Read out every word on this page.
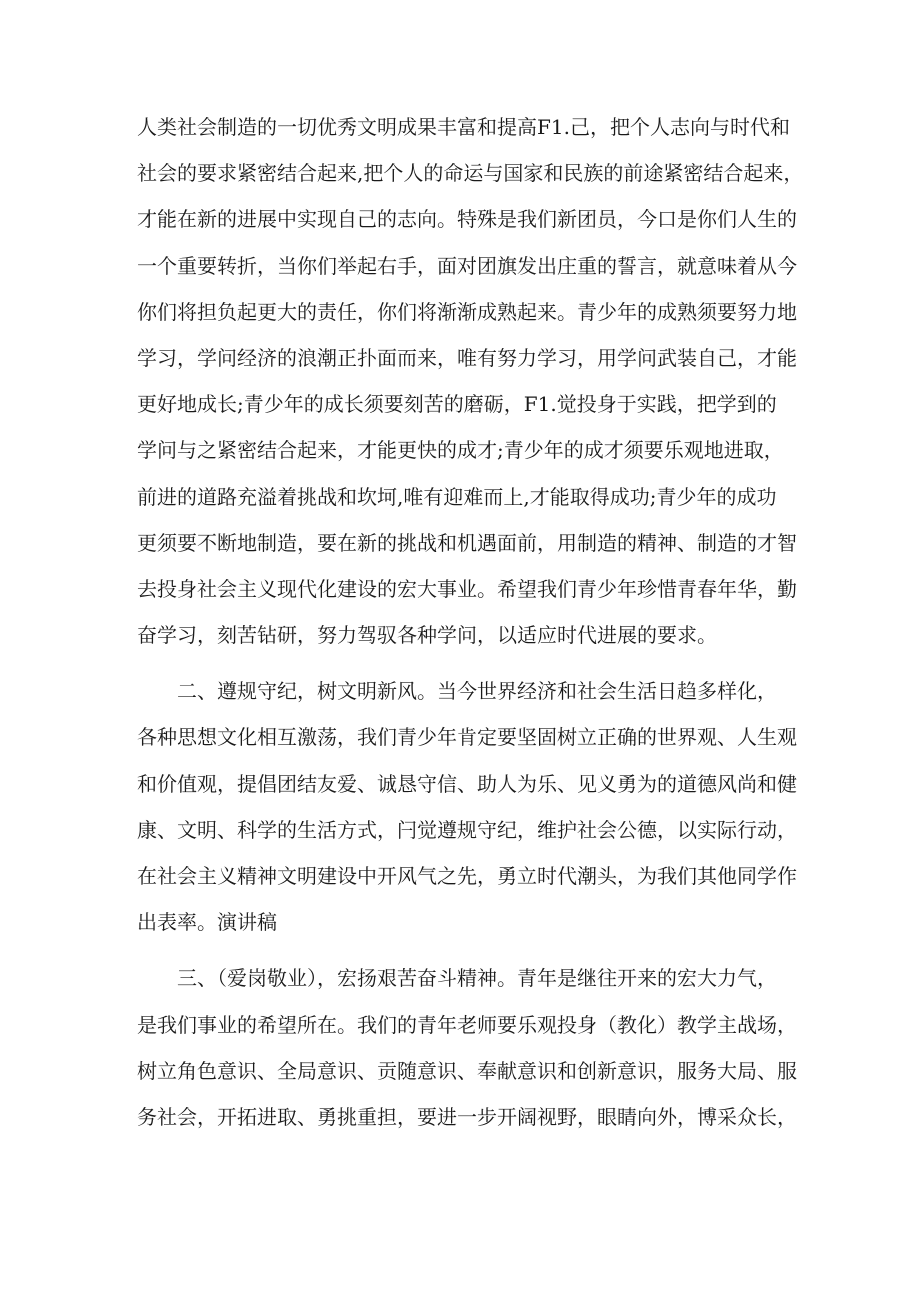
人类社会制造的一切优秀文明成果丰富和提高F1.己，把个人志向与时代和
社会的要求紧密结合起来,把个人的命运与国家和民族的前途紧密结合起来，
才能在新的进展中实现自己的志向。特殊是我们新团员，今口是你们人生的
一个重要转折，当你们举起右手，面对团旗发出庄重的誓言，就意味着从今
你们将担负起更大的责任，你们将渐渐成熟起来。青少年的成熟须要努力地
学习，学问经济的浪潮正扑面而来，唯有努力学习，用学问武装自己，才能
更好地成长;青少年的成长须要刻苦的磨砺，F1.觉投身于实践，把学到的
学问与之紧密结合起来，才能更快的成才;青少年的成才须要乐观地进取，
前进的道路充溢着挑战和坎坷,唯有迎难而上,才能取得成功;青少年的成功
更须要不断地制造，要在新的挑战和机遇面前，用制造的精神、制造的才智
去投身社会主义现代化建设的宏大事业。希望我们青少年珍惜青春年华，勤
奋学习，刻苦钻研，努力驾驭各种学问，以适应时代进展的要求。
二、遵规守纪，树文明新风。当今世界经济和社会生活日趋多样化，
各种思想文化相互激荡，我们青少年肯定要坚固树立正确的世界观、人生观
和价值观，提倡团结友爱、诚恳守信、助人为乐、见义勇为的道德风尚和健
康、文明、科学的生活方式，闩觉遵规守纪，维护社会公德，以实际行动，
在社会主义精神文明建设中开风气之先，勇立时代潮头，为我们其他同学作
出表率。演讲稿
三、（爱岗敬业），宏扬艰苦奋斗精神。青年是继往开来的宏大力气，
是我们事业的希望所在。我们的青年老师要乐观投身（教化）教学主战场，
树立角色意识、全局意识、贡随意识、奉献意识和创新意识，服务大局、服
务社会，开拓进取、勇挑重担，要进一步开阔视野，眼睛向外，博采众长，
